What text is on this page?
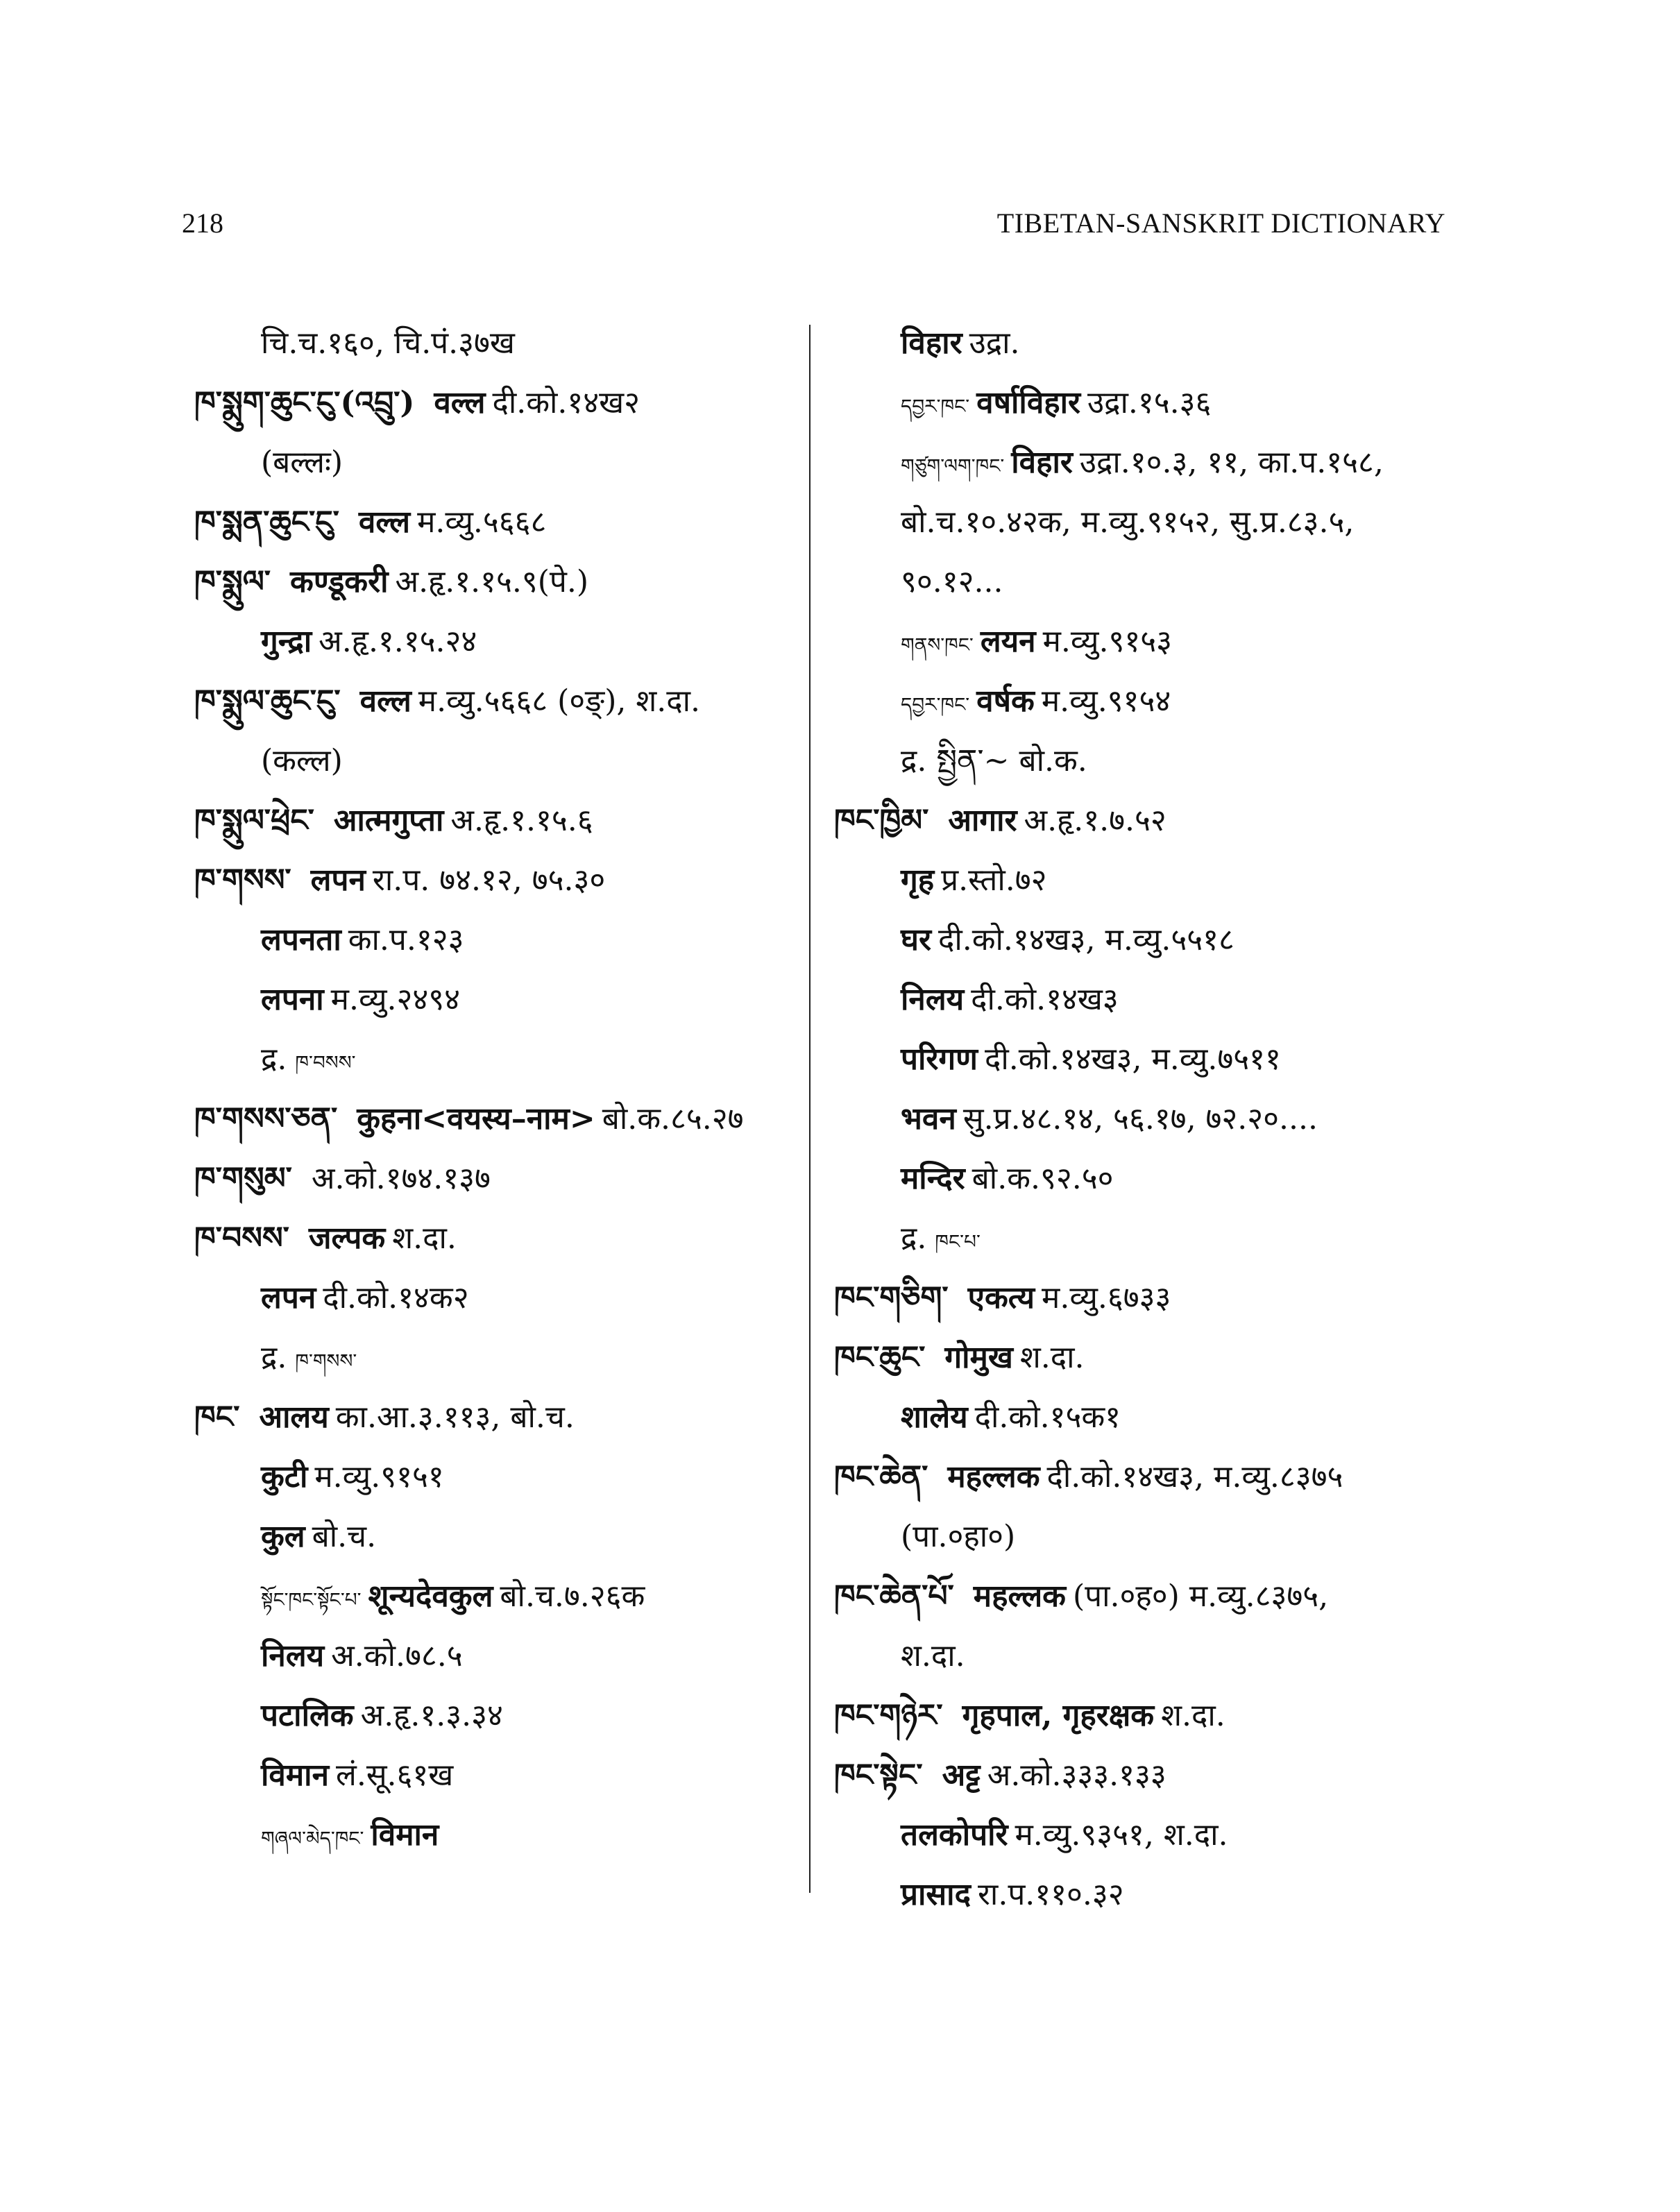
218	TIBETAN-SANSKRIT DICTIONARY
चि.च.१६०, चि.पं.३७ख
ཁ་སྨུག་ཆུང་ངུ་(འབྲུ་) वल्ल दी.को.१४ख२
(बल्लः)
ཁ་སྨན་ཆུང་ངུ་ वल्ल म.व्यु.५६६८
ཁ་སྨུལ་ कण्डूकरी अ.हृ.१.१५.९(पे.)
गुन्द्रा अ.हृ.१.१५.२४
ཁ་སྨུལ་ཆུང་ངུ་ वल्ल म.व्यु.५६६८ (०ङ्), श.दा.
(कल्ल)
ཁ་སྨུལ་ཕྲེང་ आत्मगुप्ता अ.हृ.१.१५.६
ཁ་གསས་ लपन रा.प. ७४.१२, ७५.३०
लपनता का.प.१२३
लपना म.व्यु.२४९४
द्र. ཁ་བསས་
ཁ་གསས་ཅན་ कुहना<वयस्य–नाम> बो.क.८५.२७
ཁ་གསུམ་ अ.को.१७४.१३७
ཁ་བསས་ जल्पक श.दा.
लपन दी.को.१४क२
द्र. ཁ་གསས་
ཁང་ आलय का.आ.३.११३, बो.च.
कुटी म.व्यु.९१५१
कुल बो.च.
སྟོང་ཁང་སྟོང་པ་ शून्यदेवकुल बो.च.७.२६क
निलय अ.को.७८.५
पटालिक अ.हृ.१.३.३४
विमान लं.सू.६१ख
གཞལ་མེད་ཁང་ विमान
विहार उद्रा.
དབྱར་ཁང་ वर्षाविहार उद्रा.१५.३६
གཙུག་ལག་ཁང་ विहार उद्रा.१०.३, ११, का.प.१५८,
बो.च.१०.४२क, म.व्यु.९१५२, सु.प्र.८३.५,
९०.१२...
གནས་ཁང་ लयन म.व्यु.९१५३
དབྱར་ཁང་ वर्षक म.व्यु.९१५४
द्र. སྤྱིན་~ बो.क.
ཁང་ཁྱིམ་ आगार अ.हृ.१.७.५२
गृह प्र.स्तो.७२
घर दी.को.१४ख३, म.व्यु.५५१८
निलय दी.को.१४ख३
परिगण दी.को.१४ख३, म.व्यु.७५११
भवन सु.प्र.४८.१४, ५६.१७, ७२.२०....
मन्दिर बो.क.९२.५०
द्र. ཁང་པ་
ཁང་གཅིག་ एकत्य म.व्यु.६७३३
ཁང་ཆུང་ गोमुख श.दा.
शालेय दी.को.१५क१
ཁང་ཆེན་ महल्लक दी.को.१४ख३, म.व्यु.८३७५
(पा.०हा०)
ཁང་ཆེན་པོ་ महल्लक (पा.०ह०) म.व्यु.८३७५,
श.दा.
ཁང་གཉེར་ गृहपाल, गृहरक्षक श.दा.
ཁང་སྟེང་ अट्ट अ.को.३३३.१३३
तलकोपरि म.व्यु.९३५१, श.दा.
प्रासाद रा.प.११०.३२
